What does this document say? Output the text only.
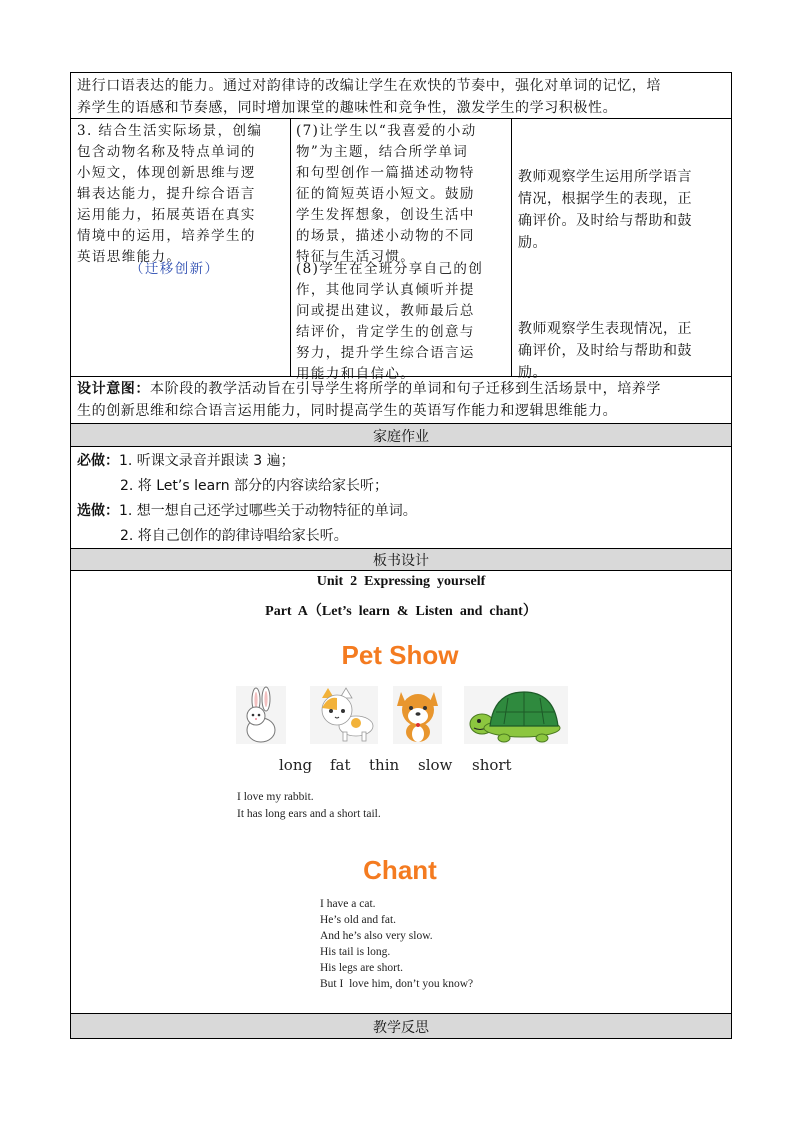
进行口语表达的能力。通过对韵律诗的改编让学生在欢快的节奏中，强化对单词的记忆，培
养学生的语感和节奏感，同时增加课堂的趣味性和竞争性，激发学生的学习积极性。
3. 结合生活实际场景，创编
包含动物名称及特点单词的
小短文，体现创新思维与逻
辑表达能力，提升综合语言
运用能力，拓展英语在真实
情境中的运用，培养学生的
英语思维能力。
（迁移创新）
(7)让学生以“我喜爱的小动
物”为主题，结合所学单词
和句型创作一篇描述动物特
征的简短英语小短文。鼓励
学生发挥想象，创设生活中
的场景，描述小动物的不同
特征与生活习惯。
(8)学生在全班分享自己的创
作，其他同学认真倾听并提
问或提出建议，教师最后总
结评价，肯定学生的创意与
努力，提升学生综合语言运
用能力和自信心。
教师观察学生运用所学语言
情况，根据学生的表现，正
确评价。及时给与帮助和鼓
励。
教师观察学生表现情况，正
确评价，及时给与帮助和鼓
励。
设计意图：本阶段的教学活动旨在引导学生将所学的单词和句子迁移到生活场景中，培养学
生的创新思维和综合语言运用能力，同时提高学生的英语写作能力和逻辑思维能力。
家庭作业
必做：1. 听课文录音并跟读 3 遍；
2. 将 Let’s learn 部分的内容读给家长听；
选做：1. 想一想自己还学过哪些关于动物特征的单词。
2. 将自己创作的韵律诗唱给家长听。
板书设计
Unit  2  Expressing  yourself
Part  A（Let’s  learn  &  Listen  and  chant）
Pet Show
long fat thin slow short
I love my rabbit.
It has long ears and a short tail.
Chant
I have a cat.
He’s old and fat.
And he’s also very slow.
His tail is long.
His legs are short.
But I  love him, don’t you know?
教学反思
